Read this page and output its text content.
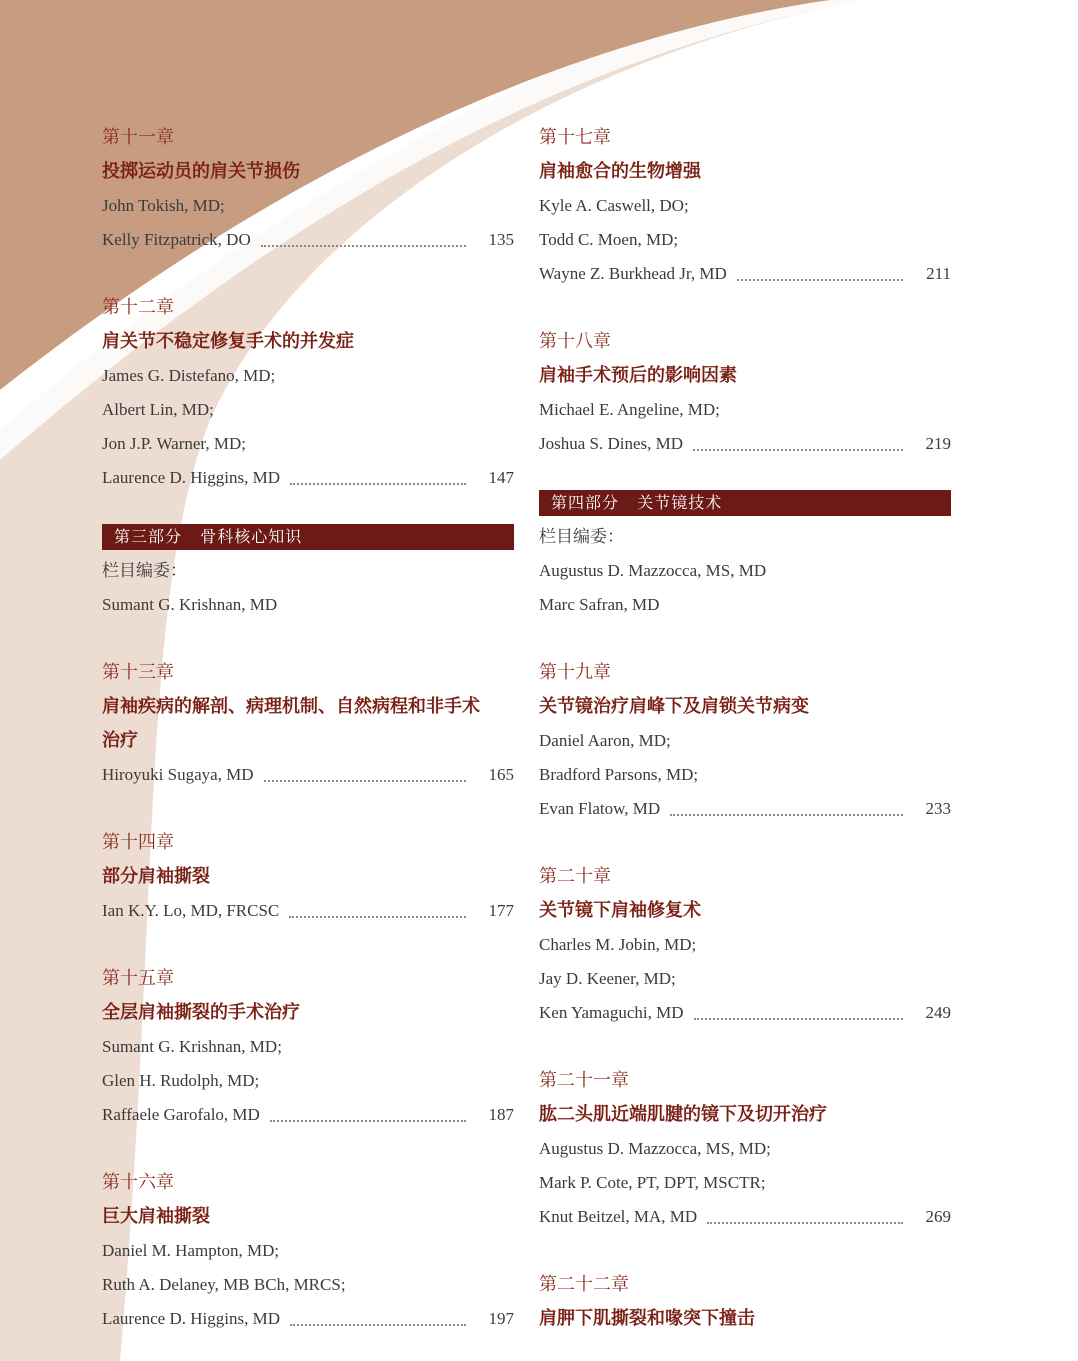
第十一章
投掷运动员的肩关节损伤
John Tokish, MD;
Kelly Fitzpatrick, DO	135
第十二章
肩关节不稳定修复手术的并发症
James G. Distefano, MD;
Albert Lin, MD;
Jon J.P. Warner, MD;
Laurence D. Higgins, MD	147
第三部分 骨科核心知识
栏目编委：
Sumant G. Krishnan, MD
第十三章
肩袖疾病的解剖、病理机制、自然病程和非手术
治疗
Hiroyuki Sugaya, MD	165
第十四章
部分肩袖撕裂
Ian K.Y. Lo, MD, FRCSC	177
第十五章
全层肩袖撕裂的手术治疗
Sumant G. Krishnan, MD;
Glen H. Rudolph, MD;
Raffaele Garofalo, MD	187
第十六章
巨大肩袖撕裂
Daniel M. Hampton, MD;
Ruth A. Delaney, MB BCh, MRCS;
Laurence D. Higgins, MD	197
第十七章
肩袖愈合的生物增强
Kyle A. Caswell, DO;
Todd C. Moen, MD;
Wayne Z. Burkhead Jr, MD	211
第十八章
肩袖手术预后的影响因素
Michael E. Angeline, MD;
Joshua S. Dines, MD	219
第四部分 关节镜技术
栏目编委：
Augustus D. Mazzocca, MS, MD
Marc Safran, MD
第十九章
关节镜治疗肩峰下及肩锁关节病变
Daniel Aaron, MD;
Bradford Parsons, MD;
Evan Flatow, MD	233
第二十章
关节镜下肩袖修复术
Charles M. Jobin, MD;
Jay D. Keener, MD;
Ken Yamaguchi, MD	249
第二十一章
肱二头肌近端肌腱的镜下及切开治疗
Augustus D. Mazzocca, MS, MD;
Mark P. Cote, PT, DPT, MSCTR;
Knut Beitzel, MA, MD	269
第二十二章
肩胛下肌撕裂和喙突下撞击
